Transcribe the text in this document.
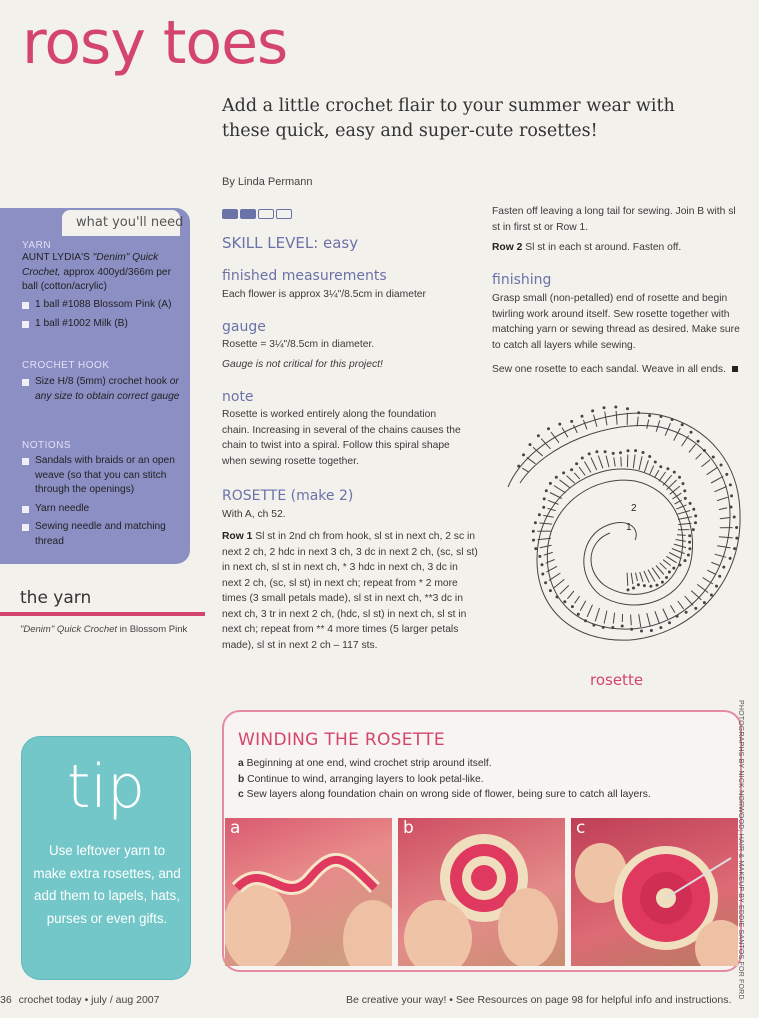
rosy toes
Add a little crochet flair to your summer wear with these quick, easy and super-cute rosettes!
By Linda Permann
SKILL LEVEL: easy
finished measurements
Each flower is approx 3¼"/8.5cm in diameter
gauge
Rosette = 3¼"/8.5cm in diameter.
Gauge is not critical for this project!
note
Rosette is worked entirely along the foundation chain. Increasing in several of the chains causes the chain to twist into a spiral. Follow this spiral shape when sewing rosette together.
ROSETTE (make 2)
With A, ch 52.
Row 1 Sl st in 2nd ch from hook, sl st in next ch, 2 sc in next 2 ch, 2 hdc in next 3 ch, 3 dc in next 2 ch, (sc, sl st) in next ch, sl st in next ch, * 3 hdc in next ch, 3 dc in next 2 ch, (sc, sl st) in next ch; repeat from * 2 more times (3 small petals made), sl st in next ch, **3 dc in next ch, 3 tr in next 2 ch, (hdc, sl st) in next ch, sl st in next ch; repeat from ** 4 more times (5 larger petals made), sl st in next 2 ch – 117 sts.
Fasten off leaving a long tail for sewing. Join B with sl st in first st or Row 1.
Row 2 Sl st in each st around. Fasten off.
finishing
Grasp small (non-petalled) end of rosette and begin twirling work around itself. Sew rosette together with matching yarn or sewing thread as desired. Make sure to catch all layers while sewing.
Sew one rosette to each sandal. Weave in all ends.
2
1
rosette
what you'll need
YARN
AUNT LYDIA'S "Denim" Quick Crochet, approx 400yd/366m per ball (cotton/acrylic)
1 ball #1088 Blossom Pink (A)
1 ball #1002 Milk (B)
CROCHET HOOK
Size H/8 (5mm) crochet hook or any size to obtain correct gauge
NOTIONS
Sandals with braids or an open weave (so that you can stitch through the openings)
Yarn needle
Sewing needle and matching thread
the yarn
"Denim" Quick Crochet in Blossom Pink
tip
Use leftover yarn to make extra rosettes, and add them to lapels, hats, purses or even gifts.
WINDING THE ROSETTE
a Beginning at one end, wind crochet strip around itself.
b Continue to wind, arranging layers to look petal-like.
c Sew layers along foundation chain on wrong side of flower, being sure to catch all layers.
a	b	c
36 crochet today • july / aug 2007	Be creative your way! • See Resources on page 98 for helpful info and instructions.
PHOTOGRAPHS BY NICK NORWOOD; HAIR & MAKEUP BY EDDIE SANTOS FOR FORD
